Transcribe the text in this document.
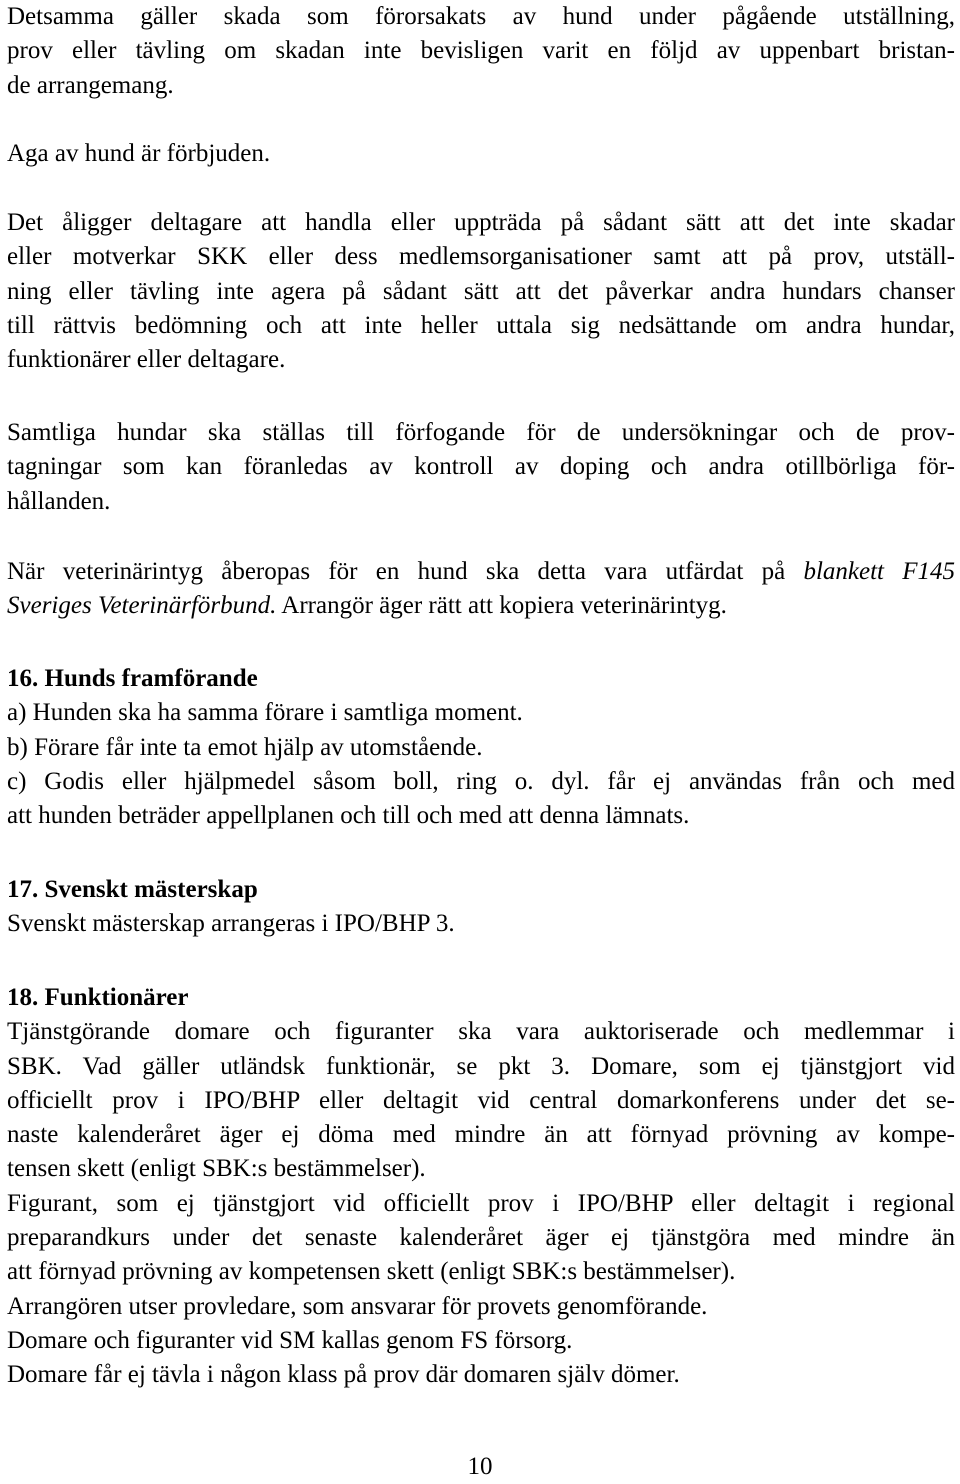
Detsamma gäller skada som förorsakats av hund under pågående utställning,
prov eller tävling om skadan inte bevisligen varit en följd av uppenbart bristan-
de arrangemang.
Aga av hund är förbjuden.
Det åligger deltagare att handla eller uppträda på sådant sätt att det inte skadar
eller motverkar SKK eller dess medlemsorganisationer samt att på prov, utställ-
ning eller tävling inte agera på sådant sätt att det påverkar andra hundars chanser
till rättvis bedömning och att inte heller uttala sig nedsättande om andra hundar,
funktionärer eller deltagare.
Samtliga hundar ska ställas till förfogande för de undersökningar och de prov-
tagningar som kan föranledas av kontroll av doping och andra otillbörliga för-
hållanden.
När veterinärintyg åberopas för en hund ska detta vara utfärdat på blankett F145
Sveriges Veterinärförbund. Arrangör äger rätt att kopiera veterinärintyg.
16. Hunds framförande
a) Hunden ska ha samma förare i samtliga moment.
b) Förare får inte ta emot hjälp av utomstående.
c) Godis eller hjälpmedel såsom boll, ring o. dyl. får ej användas från och med
att hunden beträder appellplanen och till och med att denna lämnats.
17. Svenskt mästerskap
Svenskt mästerskap arrangeras i IPO/BHP 3.
18. Funktionärer
Tjänstgörande domare och figuranter ska vara auktoriserade och medlemmar i
SBK. Vad gäller utländsk funktionär, se pkt 3. Domare, som ej tjänstgjort vid
officiellt prov i IPO/BHP eller deltagit vid central domarkonferens under det se-
naste kalenderåret äger ej döma med mindre än att förnyad prövning av kompe-
tensen skett (enligt SBK:s bestämmelser).
Figurant, som ej tjänstgjort vid officiellt prov i IPO/BHP eller deltagit i regional
preparandkurs under det senaste kalenderåret äger ej tjänstgöra med mindre än
att förnyad prövning av kompetensen skett (enligt SBK:s bestämmelser).
Arrangören utser provledare, som ansvarar för provets genomförande.
Domare och figuranter vid SM kallas genom FS försorg.
Domare får ej tävla i någon klass på prov där domaren själv dömer.
10
